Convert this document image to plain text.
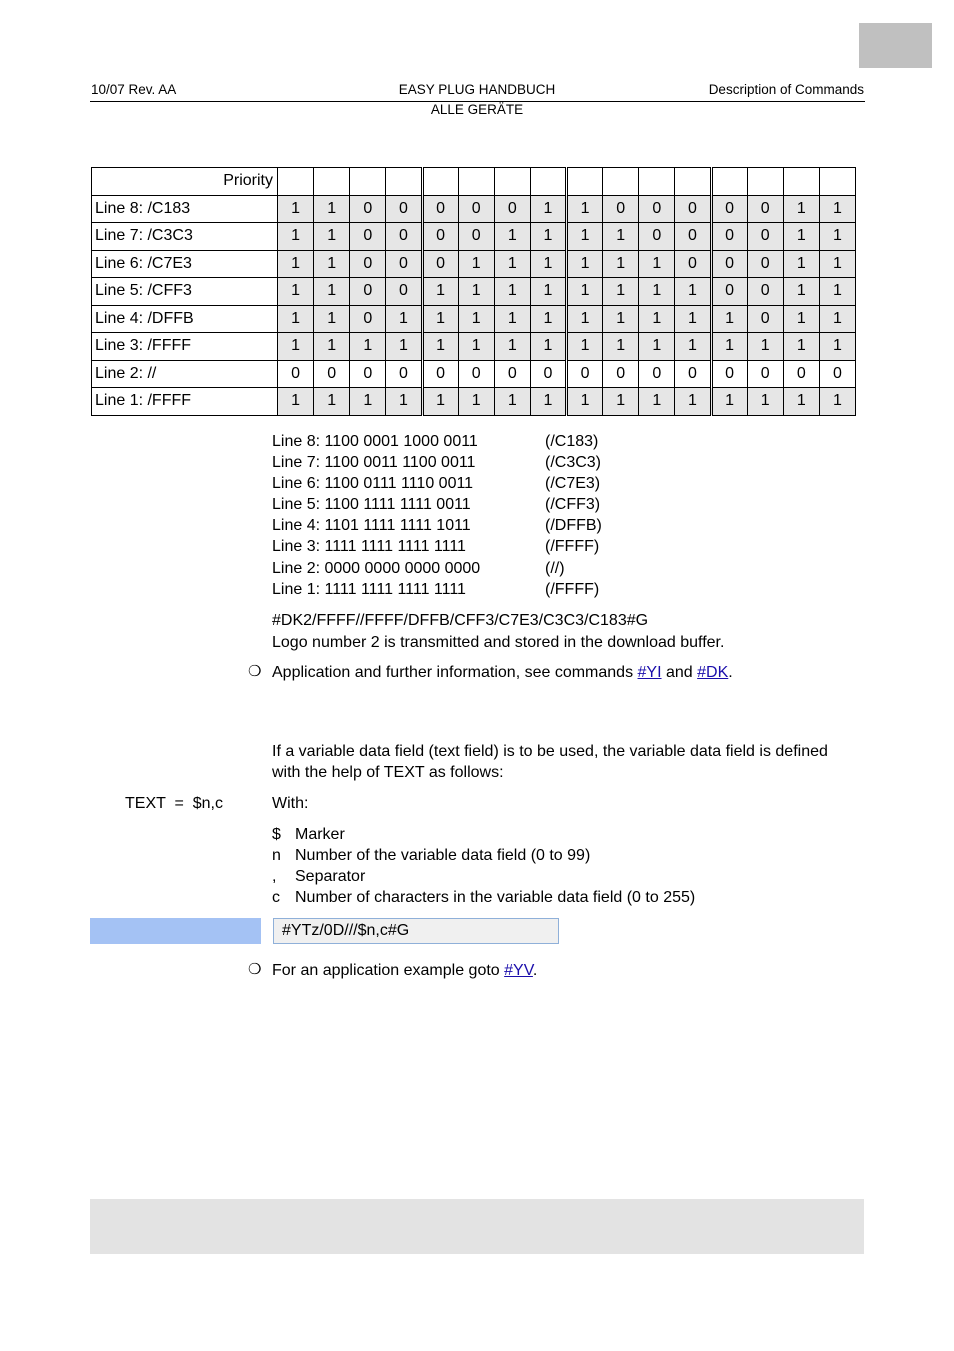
10/07 Rev. AA	EASY PLUG HANDBUCH	Description of Commands
ALLE GERÄTE
Priority																
Line 8: /C183	1	1	0	0	0	0	0	1	1	0	0	0	0	0	1	1
Line 7: /C3C3	1	1	0	0	0	0	1	1	1	1	0	0	0	0	1	1
Line 6: /C7E3	1	1	0	0	0	1	1	1	1	1	1	0	0	0	1	1
Line 5: /CFF3	1	1	0	0	1	1	1	1	1	1	1	1	0	0	1	1
Line 4: /DFFB	1	1	0	1	1	1	1	1	1	1	1	1	1	0	1	1
Line 3: /FFFF	1	1	1	1	1	1	1	1	1	1	1	1	1	1	1	1
Line 2: //	0	0	0	0	0	0	0	0	0	0	0	0	0	0	0	0
Line 1: /FFFF	1	1	1	1	1	1	1	1	1	1	1	1	1	1	1	1
Line 8: 1100 0001 1000 0011	(/C183)
Line 7: 1100 0011 1100 0011	(/C3C3)
Line 6: 1100 0111 1110 0011	(/C7E3)
Line 5: 1100 1111 1111 0011	(/CFF3)
Line 4: 1101 1111 1111 1011	(/DFFB)
Line 3: 1111 1111 1111 1111	(/FFFF)
Line 2: 0000 0000 0000 0000	(//)
Line 1: 1111 1111 1111 1111	(/FFFF)
#DK2/FFFF//FFFF/DFFB/CFF3/C7E3/C3C3/C183#G
Logo number 2 is transmitted and stored in the download buffer.
❍ Application and further information, see commands #YI and #DK.
If a variable data field (text field) is to be used, the variable data field is defined with the help of TEXT as follows:
TEXT  =  $n,c	With:
$ Marker
n Number of the variable data field (0 to 99)
,	Separator
c Number of characters in the variable data field (0 to 255)
#YTz/0D///$n,c#G
❍ For an application example goto #YV.
